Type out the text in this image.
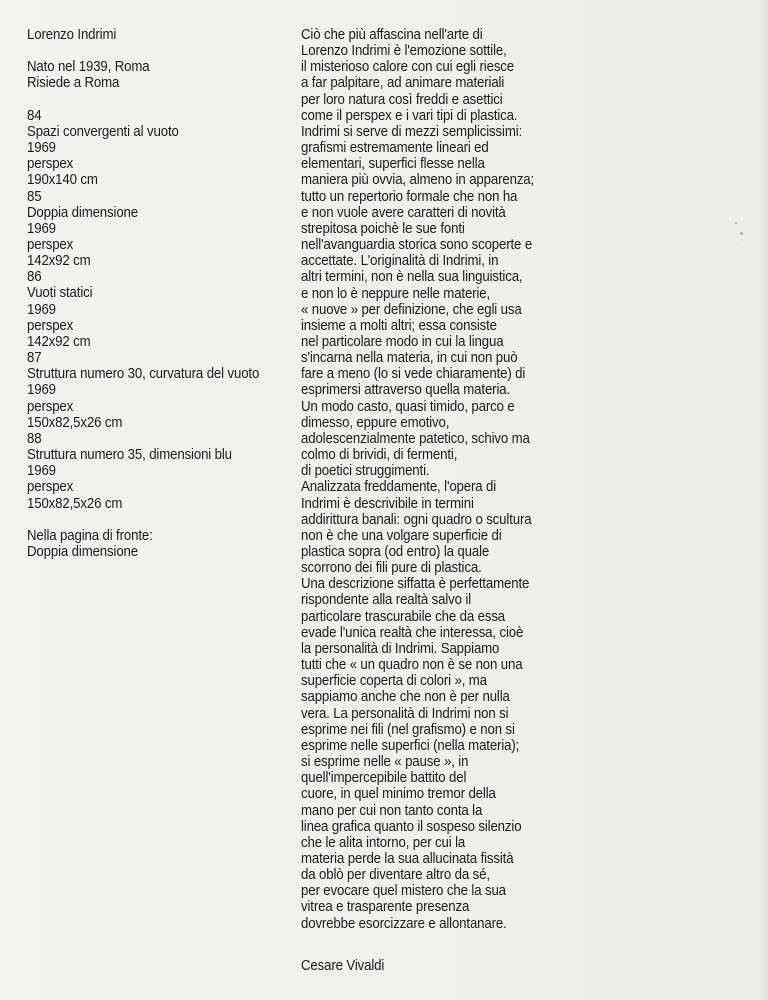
Lorenzo Indrimi
Nato nel 1939, Roma
Risiede a Roma
84
Spazi convergenti al vuoto
1969
perspex
190x140 cm
85
Doppia dimensione
1969
perspex
142x92 cm
86
Vuoti statici
1969
perspex
142x92 cm
87
Struttura numero 30, curvatura del vuoto
1969
perspex
150x82,5x26 cm
88
Struttura numero 35, dimensioni blu
1969
perspex
150x82,5x26 cm
Nella pagina di fronte:
Doppia dimensione
Ciò che più affascina nell'arte di
Lorenzo Indrimi è l'emozione sottile,
il misterioso calore con cui egli riesce
a far palpitare, ad animare materiali
per loro natura così freddi e asettici
come il perspex e i vari tipi di plastica.
Indrimi si serve di mezzi semplicissimi:
grafismi estremamente lineari ed
elementari, superfici flesse nella
maniera più ovvia, almeno in apparenza;
tutto un repertorio formale che non ha
e non vuole avere caratteri di novità
strepitosa poichè le sue fonti
nell'avanguardia storica sono scoperte e
accettate. L'originalità di Indrimi, in
altri termini, non è nella sua linguistica,
e non lo è neppure nelle materie,
« nuove » per definizione, che egli usa
insieme a molti altri; essa consiste
nel particolare modo in cui la lingua
s'incarna nella materia, in cui non può
fare a meno (lo si vede chiaramente) di
esprimersi attraverso quella materia.
Un modo casto, quasi timido, parco e
dimesso, eppure emotivo,
adolescenzialmente patetico, schivo ma
colmo di brividi, di fermenti,
di poetici struggimenti.
Analizzata freddamente, l'opera di
Indrimi è descrivibile in termini
addirittura banali: ogni quadro o scultura
non è che una volgare superficie di
plastica sopra (od entro) la quale
scorrono dei fili pure di plastica.
Una descrizione siffatta è perfettamente
rispondente alla realtà salvo il
particolare trascurabile che da essa
evade l'unica realtà che interessa, cioè
la personalità di Indrimi. Sappiamo
tutti che « un quadro non è se non una
superficie coperta di colori », ma
sappiamo anche che non è per nulla
vera. La personalità di Indrimi non si
esprime nei fili (nel grafismo) e non si
esprime nelle superfici (nella materia);
si esprime nelle « pause », in
quell'impercepibile battito del
cuore, in quel minimo tremor della
mano per cui non tanto conta la
linea grafica quanto il sospeso silenzio
che le alita intorno, per cui la
materia perde la sua allucinata fissità
da oblò per diventare altro da sé,
per evocare quel mistero che la sua
vitrea e trasparente presenza
dovrebbe esorcizzare e allontanare.
Cesare Vivaldi
